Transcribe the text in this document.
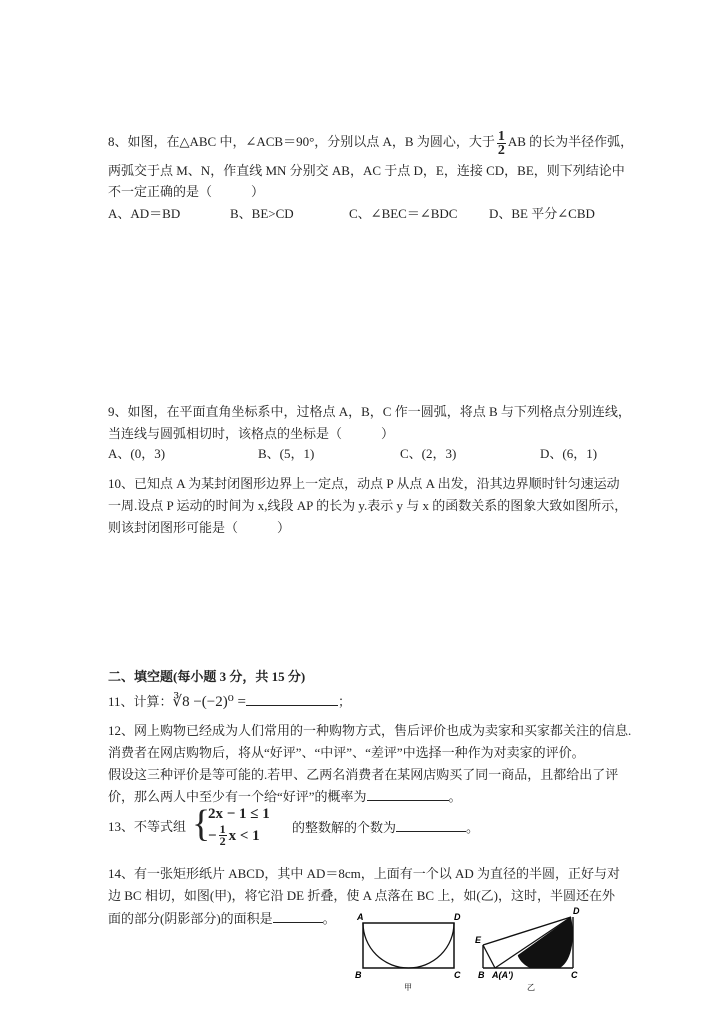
8、如图，在△ABC 中，∠ACB＝90°，分别以点 A，B 为圆心，大于 $\frac{1}{2}$ AB 的长为半径作弧，
两弧交于点 M、N，作直线 MN 分别交 AB，AC 于点 D，E，连接 CD，BE，则下列结论中
不一定正确的是（　　　）
A、AD＝BD	B、BE>CD	C、∠BEC＝∠BDC D、BE 平分∠CBD
9、如图，在平面直角坐标系中，过格点 A，B，C 作一圆弧，将点 B 与下列格点分别连线，
当连线与圆弧相切时，该格点的坐标是（　　　）
A、(0，3)	B、(5，1)	C、(2，3)	D、(6，1)
10、已知点 A 为某封闭图形边界上一定点，动点 P 从点 A 出发，沿其边界顺时针匀速运动
一周.设点 P 运动的时间为 x,线段 AP 的长为 y.表示 y 与 x 的函数关系的图象大致如图所示，
则该封闭图形可能是（　　　）
二、填空题(每小题 3 分，共 15 分)
11、计算：∛8 −(−2)⁰ =	；
12、网上购物已经成为人们常用的一种购物方式，售后评价也成为卖家和买家都关注的信息.
消费者在网店购物后，将从“好评”、“中评”、“差评”中选择一种作为对卖家的评价。
假设这三种评价是等可能的.若甲、乙两名消费者在某网店购买了同一商品，且都给出了评
价，那么两人中至少有一个给“好评”的概率为	。
13、不等式组 {
2x − 1 ≤ 1
− $\frac{1}{2}$ x < 1 的整数解的个数为	。
14、有一张矩形纸片 ABCD，其中 AD＝8cm，上面有一个以 AD 为直径的半圆，正好与对
边 BC 相切，如图(甲)，将它沿 DE 折叠，使 A 点落在 BC 上，如(乙)，这时，半圆还在外
面的部分(阴影部分)的面积是	。 A	D
B	C
甲
E
B A(A')	C
D
乙
